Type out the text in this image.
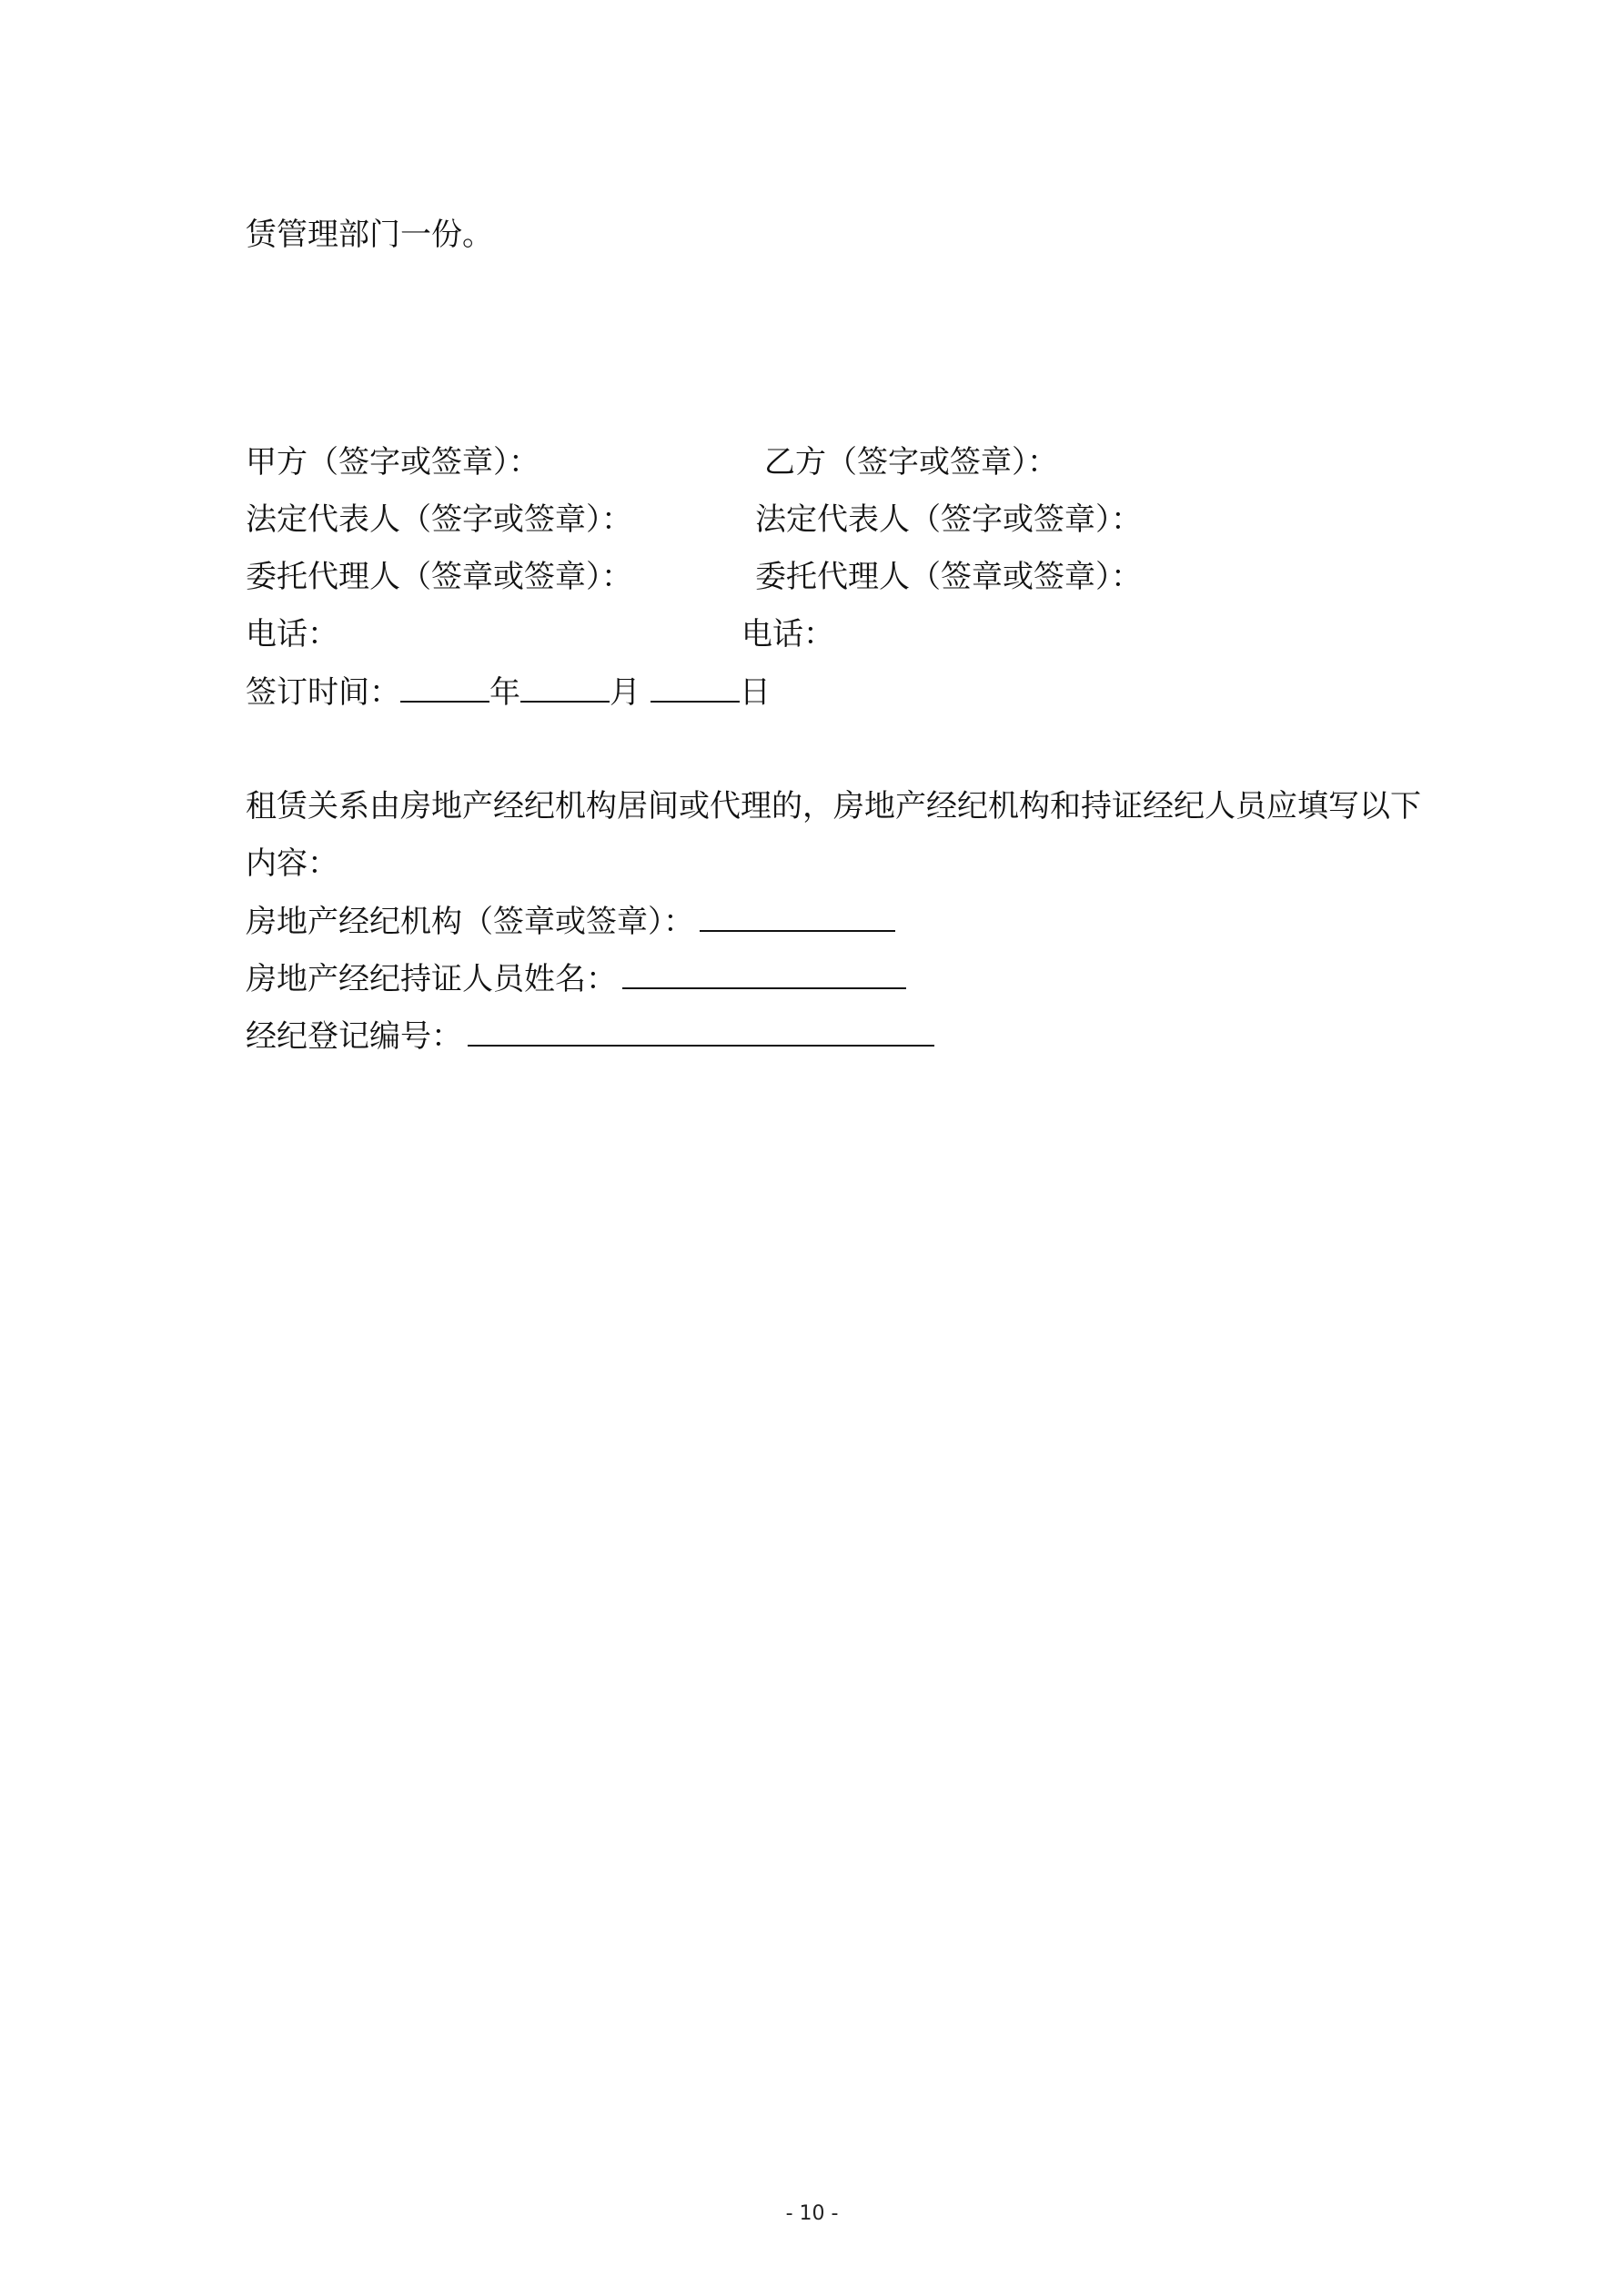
赁管理部门一份。
甲方（签字或签章）：	乙方（签字或签章）：
法定代表人（签字或签章）：	法定代表人（签字或签章）：
委托代理人（签章或签章）：	委托代理人（签章或签章）：
电话：	电话：
签订时间：	年	月	日
租赁关系由房地产经纪机构居间或代理的，房地产经纪机构和持证经纪人员应填写以下
内容：
房地产经纪机构（签章或签章）：
房地产经纪持证人员姓名：
经纪登记编号：
- 10 -
